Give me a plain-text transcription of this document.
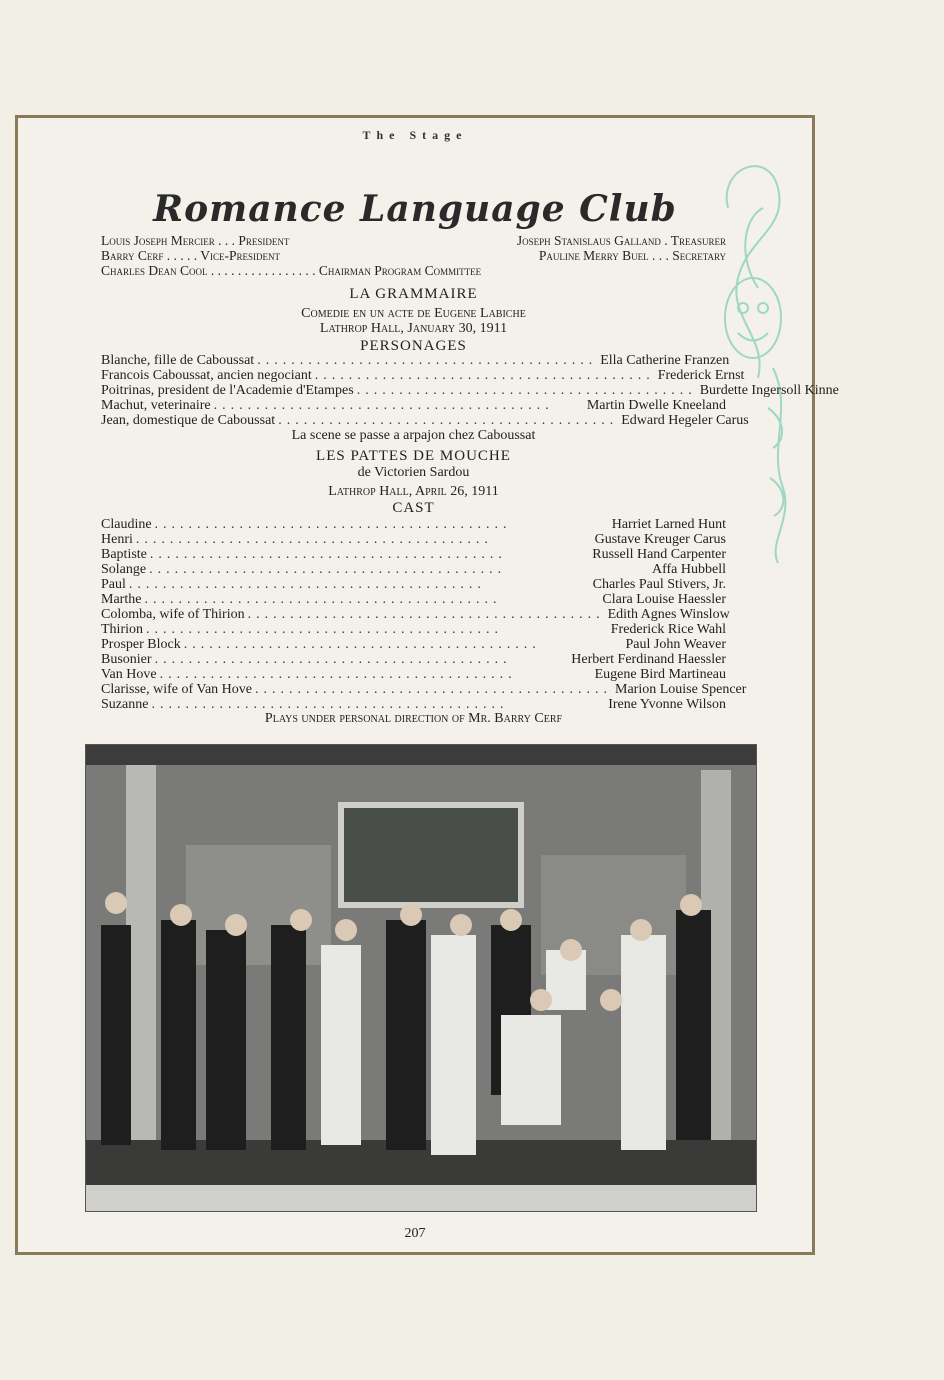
The Stage
Romance Language Club
Louis Joseph Mercier . . . President	Joseph Stanislaus Galland . Treasurer
Barry Cerf . . . . . Vice-President	Pauline Merry Buel . . . Secretary
Charles Dean Cool . . . . . . . . . . . . . . . . Chairman Program Committee
LA GRAMMAIRE
Comedie en un acte de Eugene Labiche
Lathrop Hall, January 30, 1911
PERSONAGES
Blanche, fille de Caboussat ........................................ Ella Catherine Franzen
Francois Caboussat, ancien negociant ........................................ Frederick Ernst
Poitrinas, president de l'Academie d'Etampes ........................................ Burdette Ingersoll Kinne
Machut, veterinaire ........................................	Martin Dwelle Kneeland
Jean, domestique de Caboussat ........................................ Edward Hegeler Carus
La scene se passe a arpajon chez Caboussat
LES PATTES DE MOUCHE
de Victorien Sardou
Lathrop Hall, April 26, 1911
CAST
Claudine ..........................................	Harriet Larned Hunt
Henri ..........................................	Gustave Kreuger Carus
Baptiste ..........................................	Russell Hand Carpenter
Solange ..........................................	Affa Hubbell
Paul ..........................................	Charles Paul Stivers, Jr.
Marthe ..........................................	Clara Louise Haessler
Colomba, wife of Thirion .......................................... Edith Agnes Winslow
Thirion ..........................................	Frederick Rice Wahl
Prosper Block ..........................................	Paul John Weaver
Busonier ..........................................	Herbert Ferdinand Haessler
Van Hove ..........................................	Eugene Bird Martineau
Clarisse, wife of Van Hove .......................................... Marion Louise Spencer
Suzanne ..........................................	Irene Yvonne Wilson
Plays under personal direction of Mr. Barry Cerf
207
